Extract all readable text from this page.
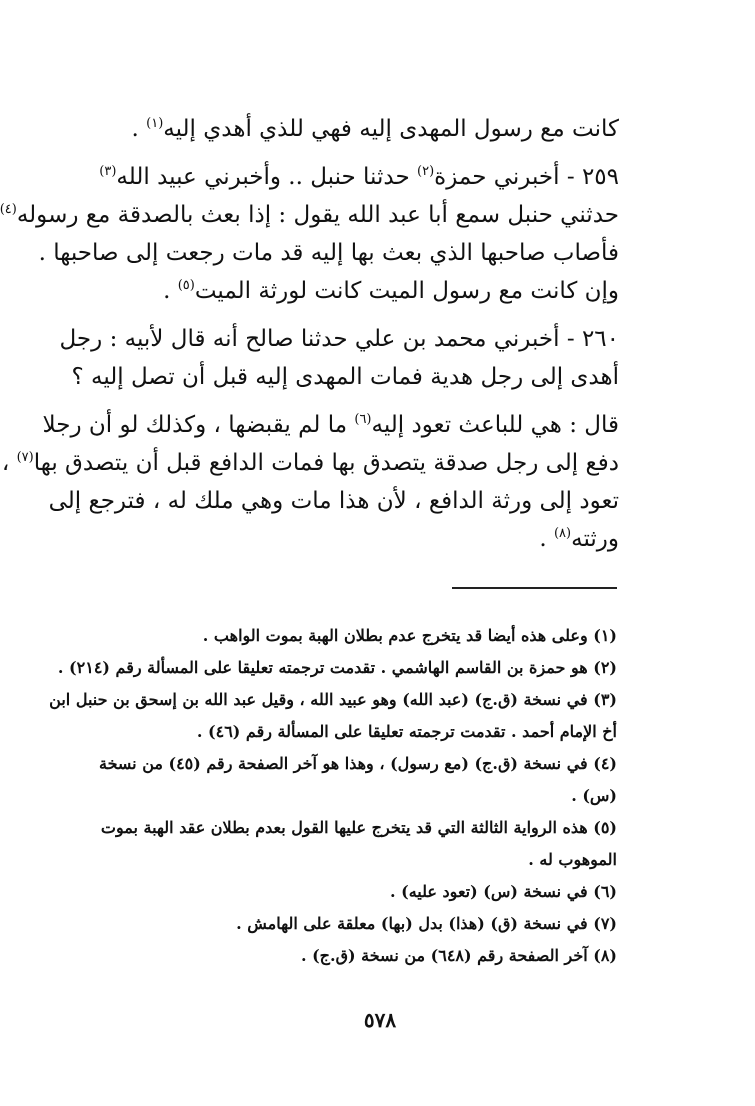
كانت مع رسول المهدى إليه فهي للذي أهدي إليه$^{(١)}$ .
٢٥٩ - أخبرني حمزة$^{(٢)}$ حدثنا حنبل .. وأخبرني عبيد الله$^{(٣)}$
حدثني حنبل سمع أبا عبد الله يقول : إذا بعث بالصدقة مع رسوله$^{(٤)}$
فأصاب صاحبها الذي بعث بها إليه قد مات رجعت إلى صاحبها .
وإن كانت مع رسول الميت كانت لورثة الميت$^{(٥)}$ .
٢٦٠ - أخبرني محمد بن علي حدثنا صالح أنه قال لأبيه : رجل
أهدى إلى رجل هدية فمات المهدى إليه قبل أن تصل إليه ؟
قال : هي للباعث تعود إليه$^{(٦)}$ ما لم يقبضها ، وكذلك لو أن رجلا
دفع إلى رجل صدقة يتصدق بها فمات الدافع قبل أن يتصدق بها$^{(٧)}$ ،
تعود إلى ورثة الدافع ، لأن هذا مات وهي ملك له ، فترجع إلى
ورثته$^{(٨)}$ .
(١) وعلى هذه أيضا قد يتخرج عدم بطلان الهبة بموت الواهب .
(٢) هو حمزة بن القاسم الهاشمي . تقدمت ترجمته تعليقا على المسألة رقم (٢١٤) .
(٣) في نسخة (ق.ج) (عبد الله) وهو عبيد الله ، وقيل عبد الله بن إسحق بن حنبل ابن
أخ الإمام أحمد . تقدمت ترجمته تعليقا على المسألة رقم (٤٦) .
(٤) في نسخة (ق.ج) (مع رسول) ، وهذا هو آخر الصفحة رقم (٤٥) من نسخة
(س) .
(٥) هذه الرواية الثالثة التي قد يتخرج عليها القول بعدم بطلان عقد الهبة بموت
الموهوب له .
(٦) في نسخة (س) (تعود عليه) .
(٧) في نسخة (ق) (هذا) بدل (بها) معلقة على الهامش .
(٨) آخر الصفحة رقم (٦٤٨) من نسخة (ق.ج) .
٥٧٨
